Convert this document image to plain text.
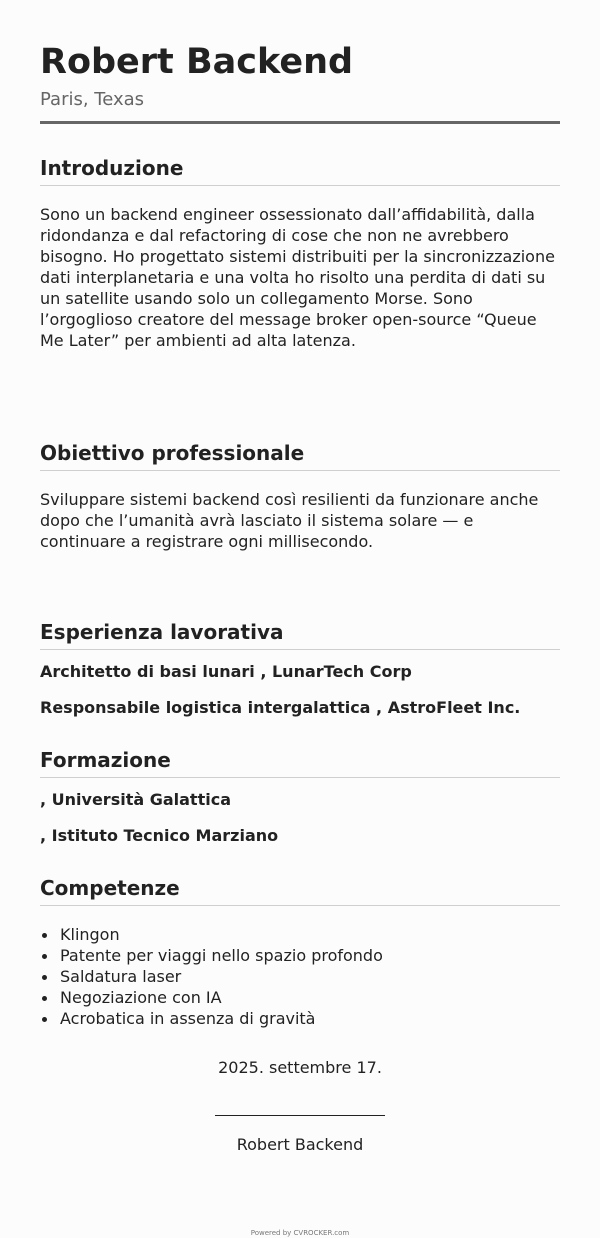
Robert Backend
Paris, Texas
Introduzione

Sono un backend engineer ossessionato dall’affidabilità, dalla ridondanza e dal refactoring di cose che non ne avrebbero bisogno. Ho progettato sistemi distribuiti per la sincronizzazione dati interplanetaria e una volta ho risolto una perdita di dati su un satellite usando solo un collegamento Morse. Sono l’orgoglioso creatore del message broker open-source “Queue Me Later” per ambienti ad alta latenza.

Obiettivo professionale

Sviluppare sistemi backend così resilienti da funzionare anche dopo che l’umanità avrà lasciato il sistema solare — e continuare a registrare ogni millisecondo.

Esperienza lavorativa
Architetto di basi lunari , LunarTech Corp
Responsabile logistica intergalattica , AstroFleet Inc.
Formazione
, Università Galattica
, Istituto Tecnico Marziano
Competenze
Klingon
Patente per viaggi nello spazio profondo
Saldatura laser
Negoziazione con IA
Acrobatica in assenza di gravità
2025. settembre 17.
Robert Backend
Powered by CVROCKER.com
